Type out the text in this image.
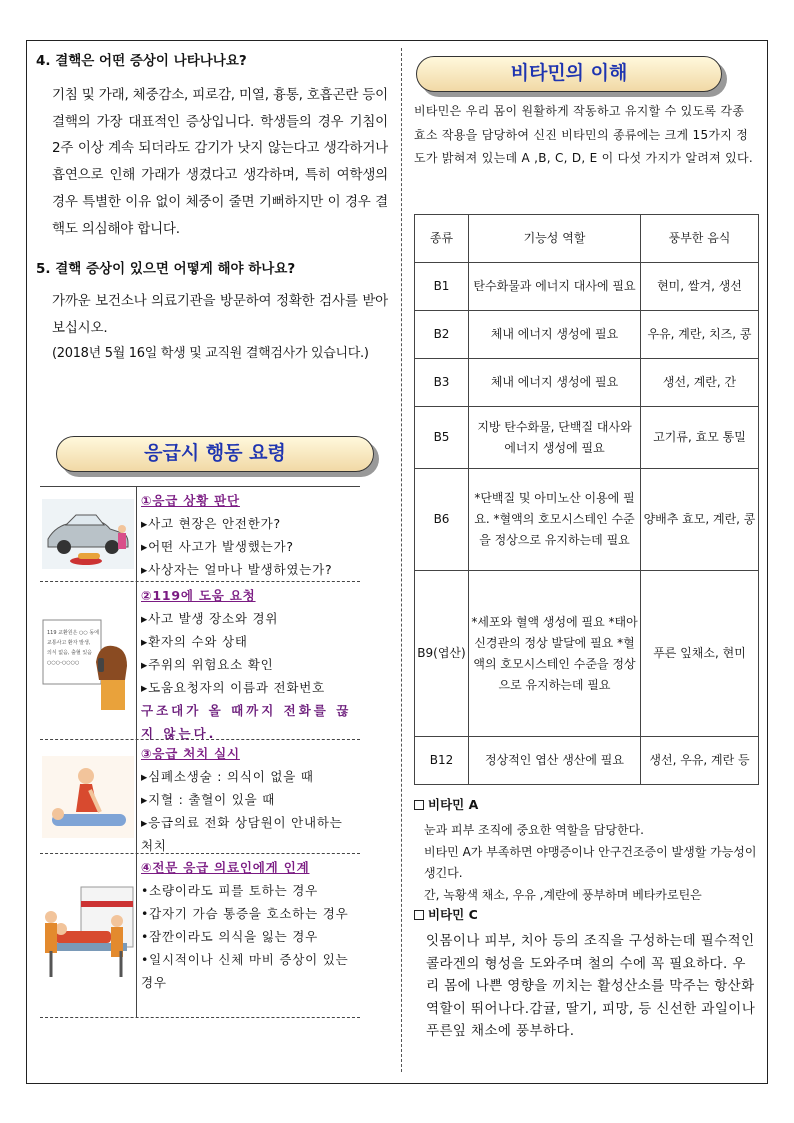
4. 결핵은 어떤 증상이 나타나나요?

기침 및 가래, 체중감소, 피로감, 미열, 흉통, 호흡곤란 등이 결핵의 가장 대표적인 증상입니다. 학생들의 경우 기침이 2주 이상 계속 되더라도 감기가 낫지 않는다고 생각하거나 흡연으로 인해 가래가 생겼다고 생각하며, 특히 여학생의 경우 특별한 이유 없이 체중이 줄면 기뻐하지만 이 경우 결핵도 의심해야 합니다.

5. 결핵 증상이 있으면 어떻게 해야 하나요?

가까운 보건소나 의료기관을 방문하여 정확한 검사를 받아보십시오.

(2018년 5월 16일 학생 및 교직원 결핵검사가 있습니다.)

응급시 행동 요령
①응급 상황 판단
▸사고 현장은 안전한가?
▸어떤 사고가 발생했는가?
▸사상자는 얼마나 발생하였는가?
119 교환원은 ○○ 동에
교통사고 환자 발생,
의식 없음, 출혈 있음
○○○-○○○○
②119에 도움 요청
▸사고 발생 장소와 경위
▸환자의 수와 상태
▸주위의 위험요소 확인
▸도움요청자의 이름과 전화번호
구조대가 올 때까지 전화를 끊지 않는다.
③응급 처치 실시
▸심폐소생술 : 의식이 없을 때
▸지혈 : 출혈이 있을 때
▸응급의료 전화 상담원이 안내하는 처치
④전문 응급 의료인에게 인계
•소량이라도 피를 토하는 경우
•갑자기 가슴 통증을 호소하는 경우
•잠깐이라도 의식을 잃는 경우
•일시적이나 신체 마비 증상이 있는 경우
비타민의 이해

비타민은 우리 몸이 원활하게 작동하고 유지할 수 있도록 각종 효소 작용을 담당하여 신진 비타민의 종류에는 크게 15가지 정도가 밝혀져 있는데 A ,B, C, D, E 이 다섯 가지가 알려져 있다.

종류	기능성 역할	풍부한 음식
B1	탄수화물과 에너지 대사에 필요	현미, 쌀겨, 생선
B2	체내 에너지 생성에 필요	우유, 계란, 치즈, 콩
B3	체내 에너지 생성에 필요	생선, 계란, 간
B5	지방 탄수화물, 단백질 대사와 에너지 생성에 필요	고기류, 효모 통밀
B6	*단백질 및 아미노산 이용에 필요. *혈액의 호모시스테인 수준을 정상으로 유지하는데 필요	양배추 효모, 계란, 콩
B9(엽산)	*세포와 혈액 생성에 필요 *태아 신경관의 정상 발달에 필요 *혈액의 호모시스테인 수준을 정상으로 유지하는데 필요	푸른 잎채소, 현미
B12	정상적인 엽산 생산에 필요	생선, 우유, 계란 등
비타민 A
눈과 피부 조직에 중요한 역할을 담당한다.
비타민 A가 부족하면 야맹증이나 안구건조증이 발생할 가능성이 생긴다.
간, 녹황색 채소, 우유 ,계란에 풍부하며 베타카로틴은
비타민 C

잇몸이나 피부, 치아 등의 조직을 구성하는데 필수적인 콜라겐의 형성을 도와주며 철의 수에 꼭 필요하다. 우리 몸에 나쁜 영향을 끼치는 활성산소를 막주는 항산화 역할이 뛰어나다.감귤, 딸기, 피망, 등 신선한 과일이나 푸른잎 채소에 풍부하다.
